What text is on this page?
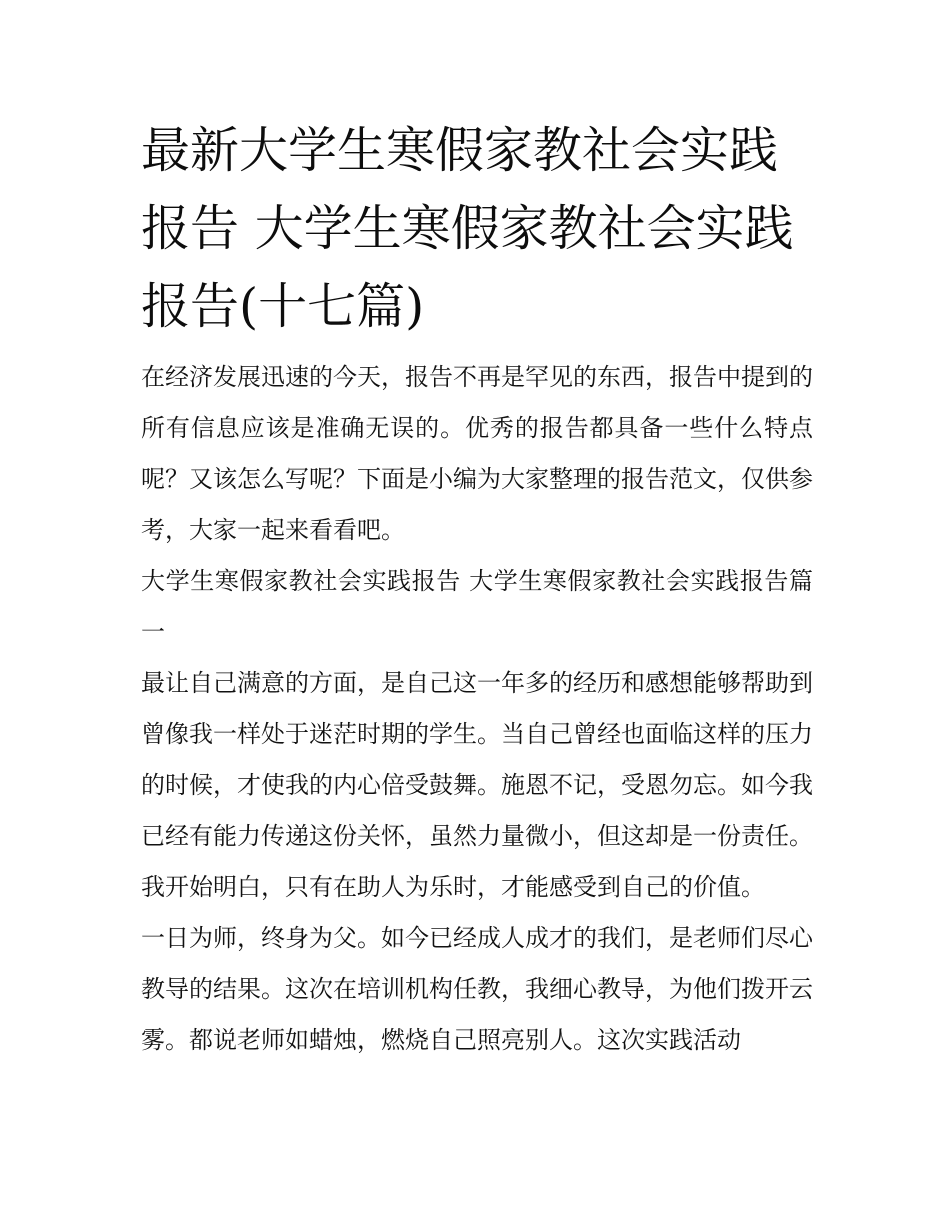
最新大学生寒假家教社会实践报告 大学生寒假家教社会实践报告(十七篇)

在经济发展迅速的今天，报告不再是罕见的东西，报告中提到的所有信息应该是准确无误的。优秀的报告都具备一些什么特点呢？又该怎么写呢？下面是小编为大家整理的报告范文，仅供参考，大家一起来看看吧。

大学生寒假家教社会实践报告 大学生寒假家教社会实践报告篇一

最让自己满意的方面，是自己这一年多的经历和感想能够帮助到曾像我一样处于迷茫时期的学生。当自己曾经也面临这样的压力的时候，才使我的内心倍受鼓舞。施恩不记，受恩勿忘。如今我已经有能力传递这份关怀，虽然力量微小，但这却是一份责任。我开始明白，只有在助人为乐时，才能感受到自己的价值。

一日为师，终身为父。如今已经成人成才的我们，是老师们尽心教导的结果。这次在培训机构任教，我细心教导，为他们拨开云雾。都说老师如蜡烛，燃烧自己照亮别人。这次实践活动
